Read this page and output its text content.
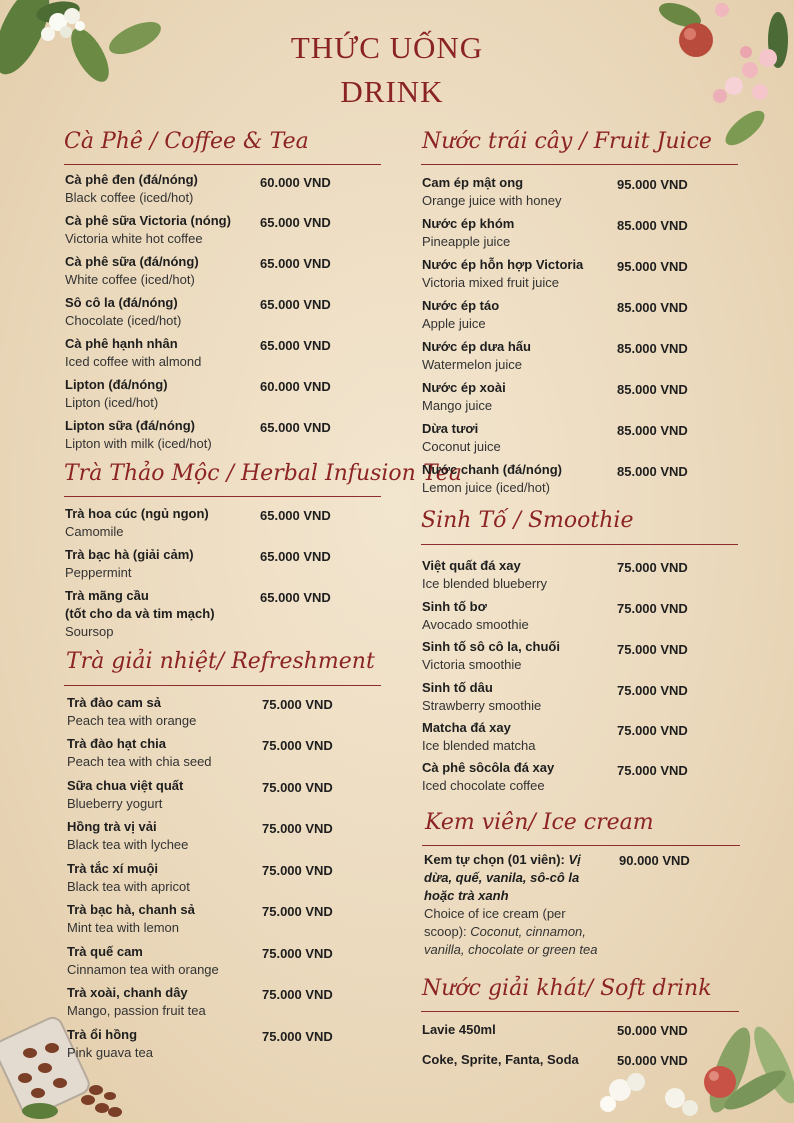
THỨC UỐNG
DRINK
Cà Phê / Coffee & Tea
Cà phê đen (đá/nóng)
Black coffee (iced/hot)
60.000 VND
Cà phê sữa Victoria (nóng)
Victoria white hot coffee
65.000 VND
Cà phê sữa (đá/nóng)
White coffee (iced/hot)
65.000 VND
Sô cô la (đá/nóng)
Chocolate (iced/hot)
65.000 VND
Cà phê hạnh nhân
Iced coffee with almond
65.000 VND
Lipton (đá/nóng)
Lipton (iced/hot)
60.000 VND
Lipton sữa (đá/nóng)
Lipton with milk (iced/hot)
65.000 VND
Trà Thảo Mộc / Herbal Infusion Tea
Trà hoa cúc (ngủ ngon)
Camomile
65.000 VND
Trà bạc hà (giải cảm)
Peppermint
65.000 VND
Trà mãng cầu
(tốt cho da và tim mạch)
Soursop
65.000 VND
Trà giải nhiệt/ Refreshment
Trà đào cam sả
Peach tea with orange
75.000 VND
Trà đào hạt chia
Peach tea with chia seed
75.000 VND
Sữa chua việt quất
Blueberry yogurt
75.000 VND
Hồng trà vị vải
Black tea with lychee
75.000 VND
Trà tắc xí muội
Black tea with apricot
75.000 VND
Trà bạc hà, chanh sả
Mint tea with lemon
75.000 VND
Trà quế cam
Cinnamon tea with orange
75.000 VND
Trà xoài, chanh dây
Mango, passion fruit tea
75.000 VND
Trà ổi hồng
Pink guava tea
75.000 VND
Nước trái cây / Fruit Juice
Cam ép mật ong
Orange juice with honey
95.000 VND
Nước ép khóm
Pineapple juice
85.000 VND
Nước ép hỗn hợp Victoria
Victoria mixed fruit juice
95.000 VND
Nước ép táo
Apple juice
85.000 VND
Nước ép dưa hấu
Watermelon juice
85.000 VND
Nước ép xoài
Mango juice
85.000 VND
Dừa tươi
Coconut juice
85.000 VND
Nước chanh (đá/nóng)
Lemon juice (iced/hot)
85.000 VND
Sinh Tố / Smoothie
Việt quất đá xay
Ice blended blueberry
75.000 VND
Sinh tố bơ
Avocado smoothie
75.000 VND
Sinh tố sô cô la, chuối
Victoria smoothie
75.000 VND
Sinh tố dâu
Strawberry smoothie
75.000 VND
Matcha đá xay
Ice blended matcha
75.000 VND
Cà phê sôcôla đá xay
Iced chocolate coffee
75.000 VND
Kem viên/ Ice cream
Kem tự chọn (01 viên): Vị
dừa, quế, vanila, sô-cô la
hoặc trà xanh
Choice of ice cream (per
scoop): Coconut, cinnamon,
vanilla, chocolate or green tea
90.000 VND
Nước giải khát/ Soft drink
Lavie 450ml	50.000 VND
Coke, Sprite, Fanta, Soda	50.000 VND
